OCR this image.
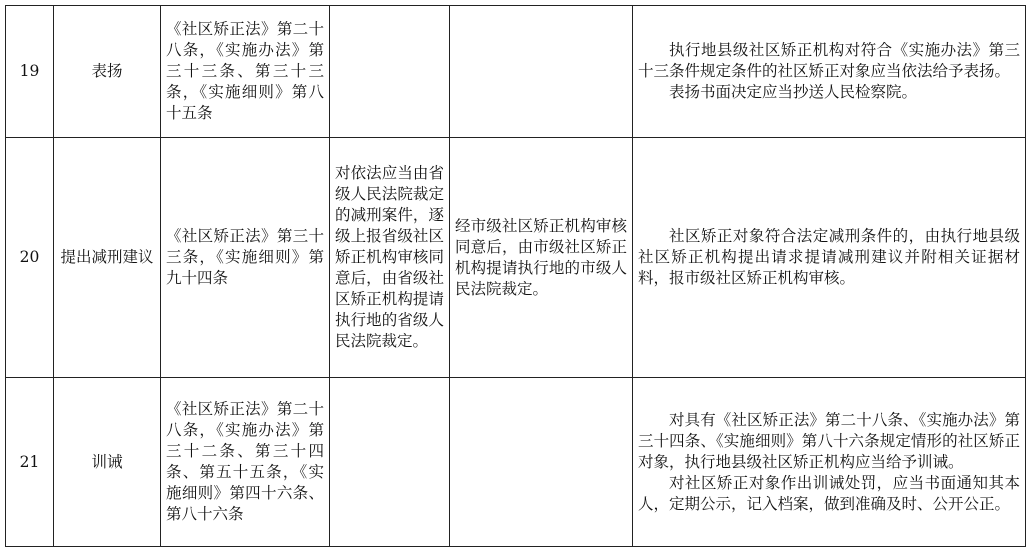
19	表扬	《社区矫正法》第二十八条，《实施办法》第三十三条、第三十三条，《实施细则》第八十五条			执行地县级社区矫正机构对符合《实施办法》第三十三条件规定条件的社区矫正对象应当依法给予表扬。

表扬书面决定应当抄送人民检察院。

20	提出减刑建议	《社区矫正法》第三十三条，《实施细则》第九十四条	对依法应当由省级人民法院裁定的减刑案件，逐级上报省级社区矫正机构审核同意后，由省级社区矫正机构提请执行地的省级人民法院裁定。	经市级社区矫正机构审核同意后，由市级社区矫正机构提请执行地的市级人民法院裁定。	社区矫正对象符合法定减刑条件的，由执行地县级社区矫正机构提出请求提请减刑建议并附相关证据材料，报市级社区矫正机构审核。

21	训诫	《社区矫正法》第二十八条，《实施办法》第三十二条、第三十四条、第五十五条，《实施细则》第四十六条、第八十六条			对具有《社区矫正法》第二十八条、《实施办法》第三十四条、《实施细则》第八十六条规定情形的社区矫正对象，执行地县级社区矫正机构应当给予训诫。

对社区矫正对象作出训诫处罚，应当书面通知其本人，定期公示，记入档案，做到准确及时、公开公正。
